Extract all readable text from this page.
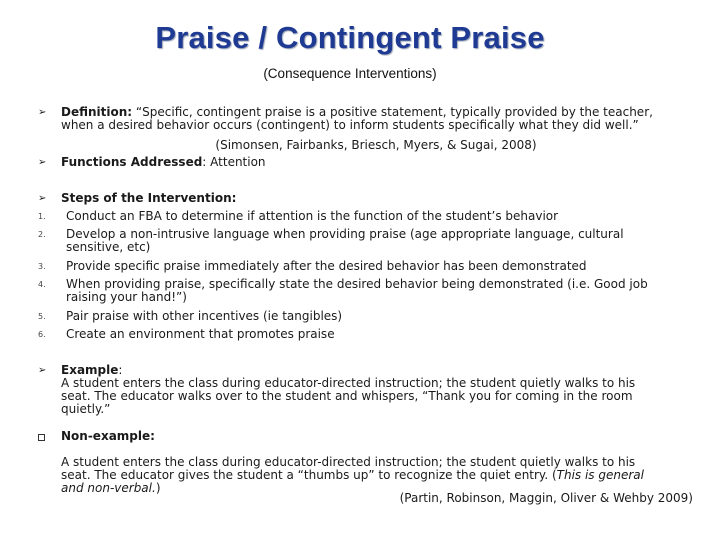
Praise / Contingent Praise
(Consequence Interventions)
➢	Definition: “Specific, contingent praise is a positive statement, typically provided by the teacher,
when a desired behavior occurs (contingent) to inform students specifically what they did well.”
(Simonsen, Fairbanks, Briesch, Myers, & Sugai, 2008)
➢	Functions Addressed: Attention
➢	Steps of the Intervention:
1.	Conduct an FBA to determine if attention is the function of the student’s behavior
2.	Develop a non-intrusive language when providing praise (age appropriate language, cultural
sensitive, etc)
3.	Provide specific praise immediately after the desired behavior has been demonstrated
4.	When providing praise, specifically state the desired behavior being demonstrated (i.e. Good job
raising your hand!”)
5.	Pair praise with other incentives (ie tangibles)
6.	Create an environment that promotes praise
➢	Example:
A student enters the class during educator-directed instruction; the student quietly walks to his
seat. The educator walks over to the student and whispers, “Thank you for coming in the room
quietly.”
Non-example:

A student enters the class during educator-directed instruction; the student quietly walks to his
seat. The educator gives the student a “thumbs up” to recognize the quiet entry. (This is general
and non-verbal.)
(Partin, Robinson, Maggin, Oliver & Wehby 2009)
